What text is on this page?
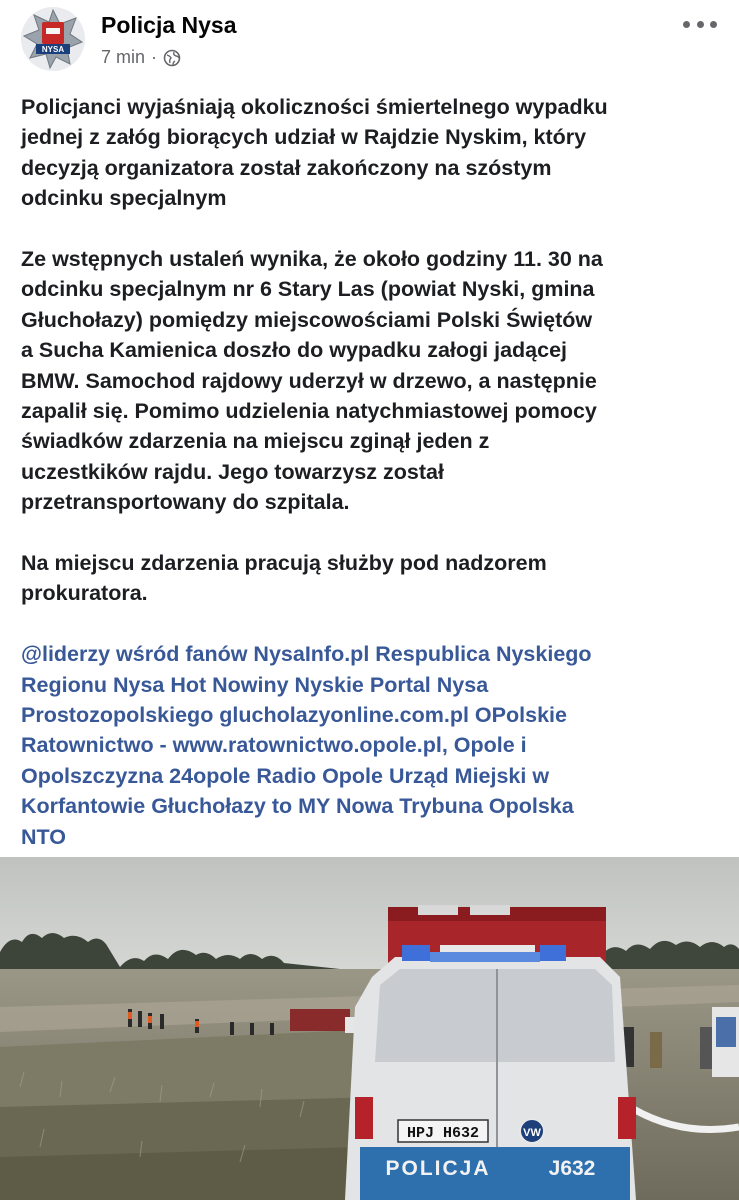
NYSA
Policja Nysa
7 min ·
Policjanci wyjaśniają okoliczności śmiertelnego wypadku
jednej z załóg biorących udział w Rajdzie Nyskim, który
decyzją organizatora został zakończony na szóstym
odcinku specjalnym
Ze wstępnych ustaleń wynika, że około godziny 11. 30 na
odcinku specjalnym nr 6 Stary Las (powiat Nyski, gmina
Głuchołazy) pomiędzy miejscowościami Polski Świętów
a Sucha Kamienica doszło do wypadku załogi jadącej
BMW. Samochod rajdowy uderzył w drzewo, a następnie
zapalił się. Pomimo udzielenia natychmiastowej pomocy
świadków zdarzenia na miejscu zginął jeden z
uczestkików rajdu. Jego towarzysz został
przetransportowany do szpitala.
Na miejscu zdarzenia pracują służby pod nadzorem
prokuratora.
@liderzy wśród fanów NysaInfo.pl Respublica Nyskiego
Regionu Nysa Hot Nowiny Nyskie Portal Nysa
Prostozopolskiego glucholazyonline.com.pl OPolskie
Ratownictwo - www.ratownictwo.opole.pl, Opole i
Opolszczyzna 24opole Radio Opole Urząd Miejski w
Korfantowie Głuchołazy to MY Nowa Trybuna Opolska
NTO
HPJ H632	VW
POLICJA	J632
